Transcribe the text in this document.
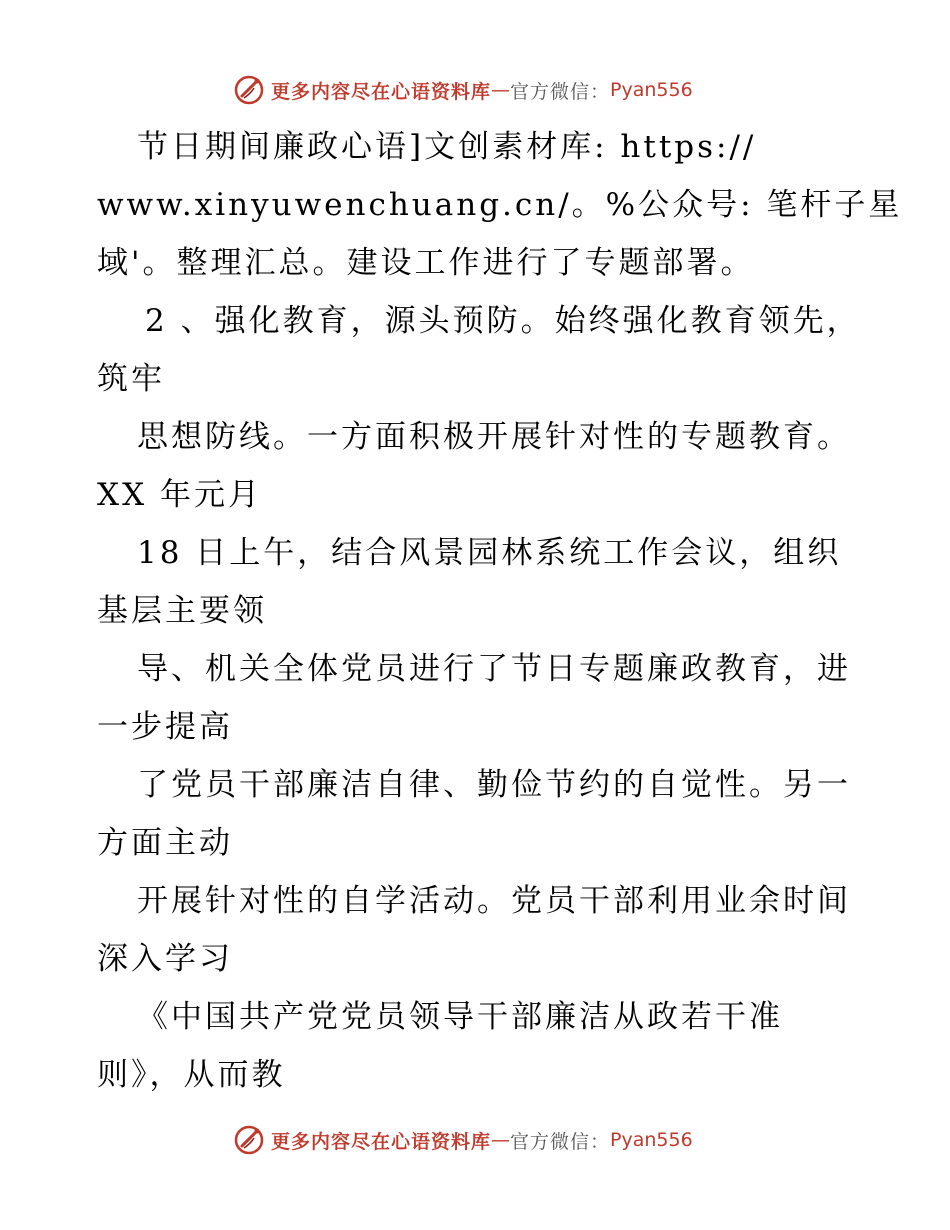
更多内容尽在心语资料库 — 官方微信： Pyan556
节日期间廉政心语]文创素材库: https://
www.xinyuwenchuang.cn/。%公众号: 笔杆子星
域'。整理汇总。建设工作进行了专题部署。
2 、强化教育，源头预防。始终强化教育领先，
筑牢
思想防线。一方面积极开展针对性的专题教育。
XX 年元月
18 日上午，结合风景园林系统工作会议，组织
基层主要领
导、机关全体党员进行了节日专题廉政教育，进
一步提高
了党员干部廉洁自律、勤俭节约的自觉性。另一
方面主动
开展针对性的自学活动。党员干部利用业余时间
深入学习
《中国共产党党员领导干部廉洁从政若干准
则》，从而教
更多内容尽在心语资料库 — 官方微信： Pyan556
